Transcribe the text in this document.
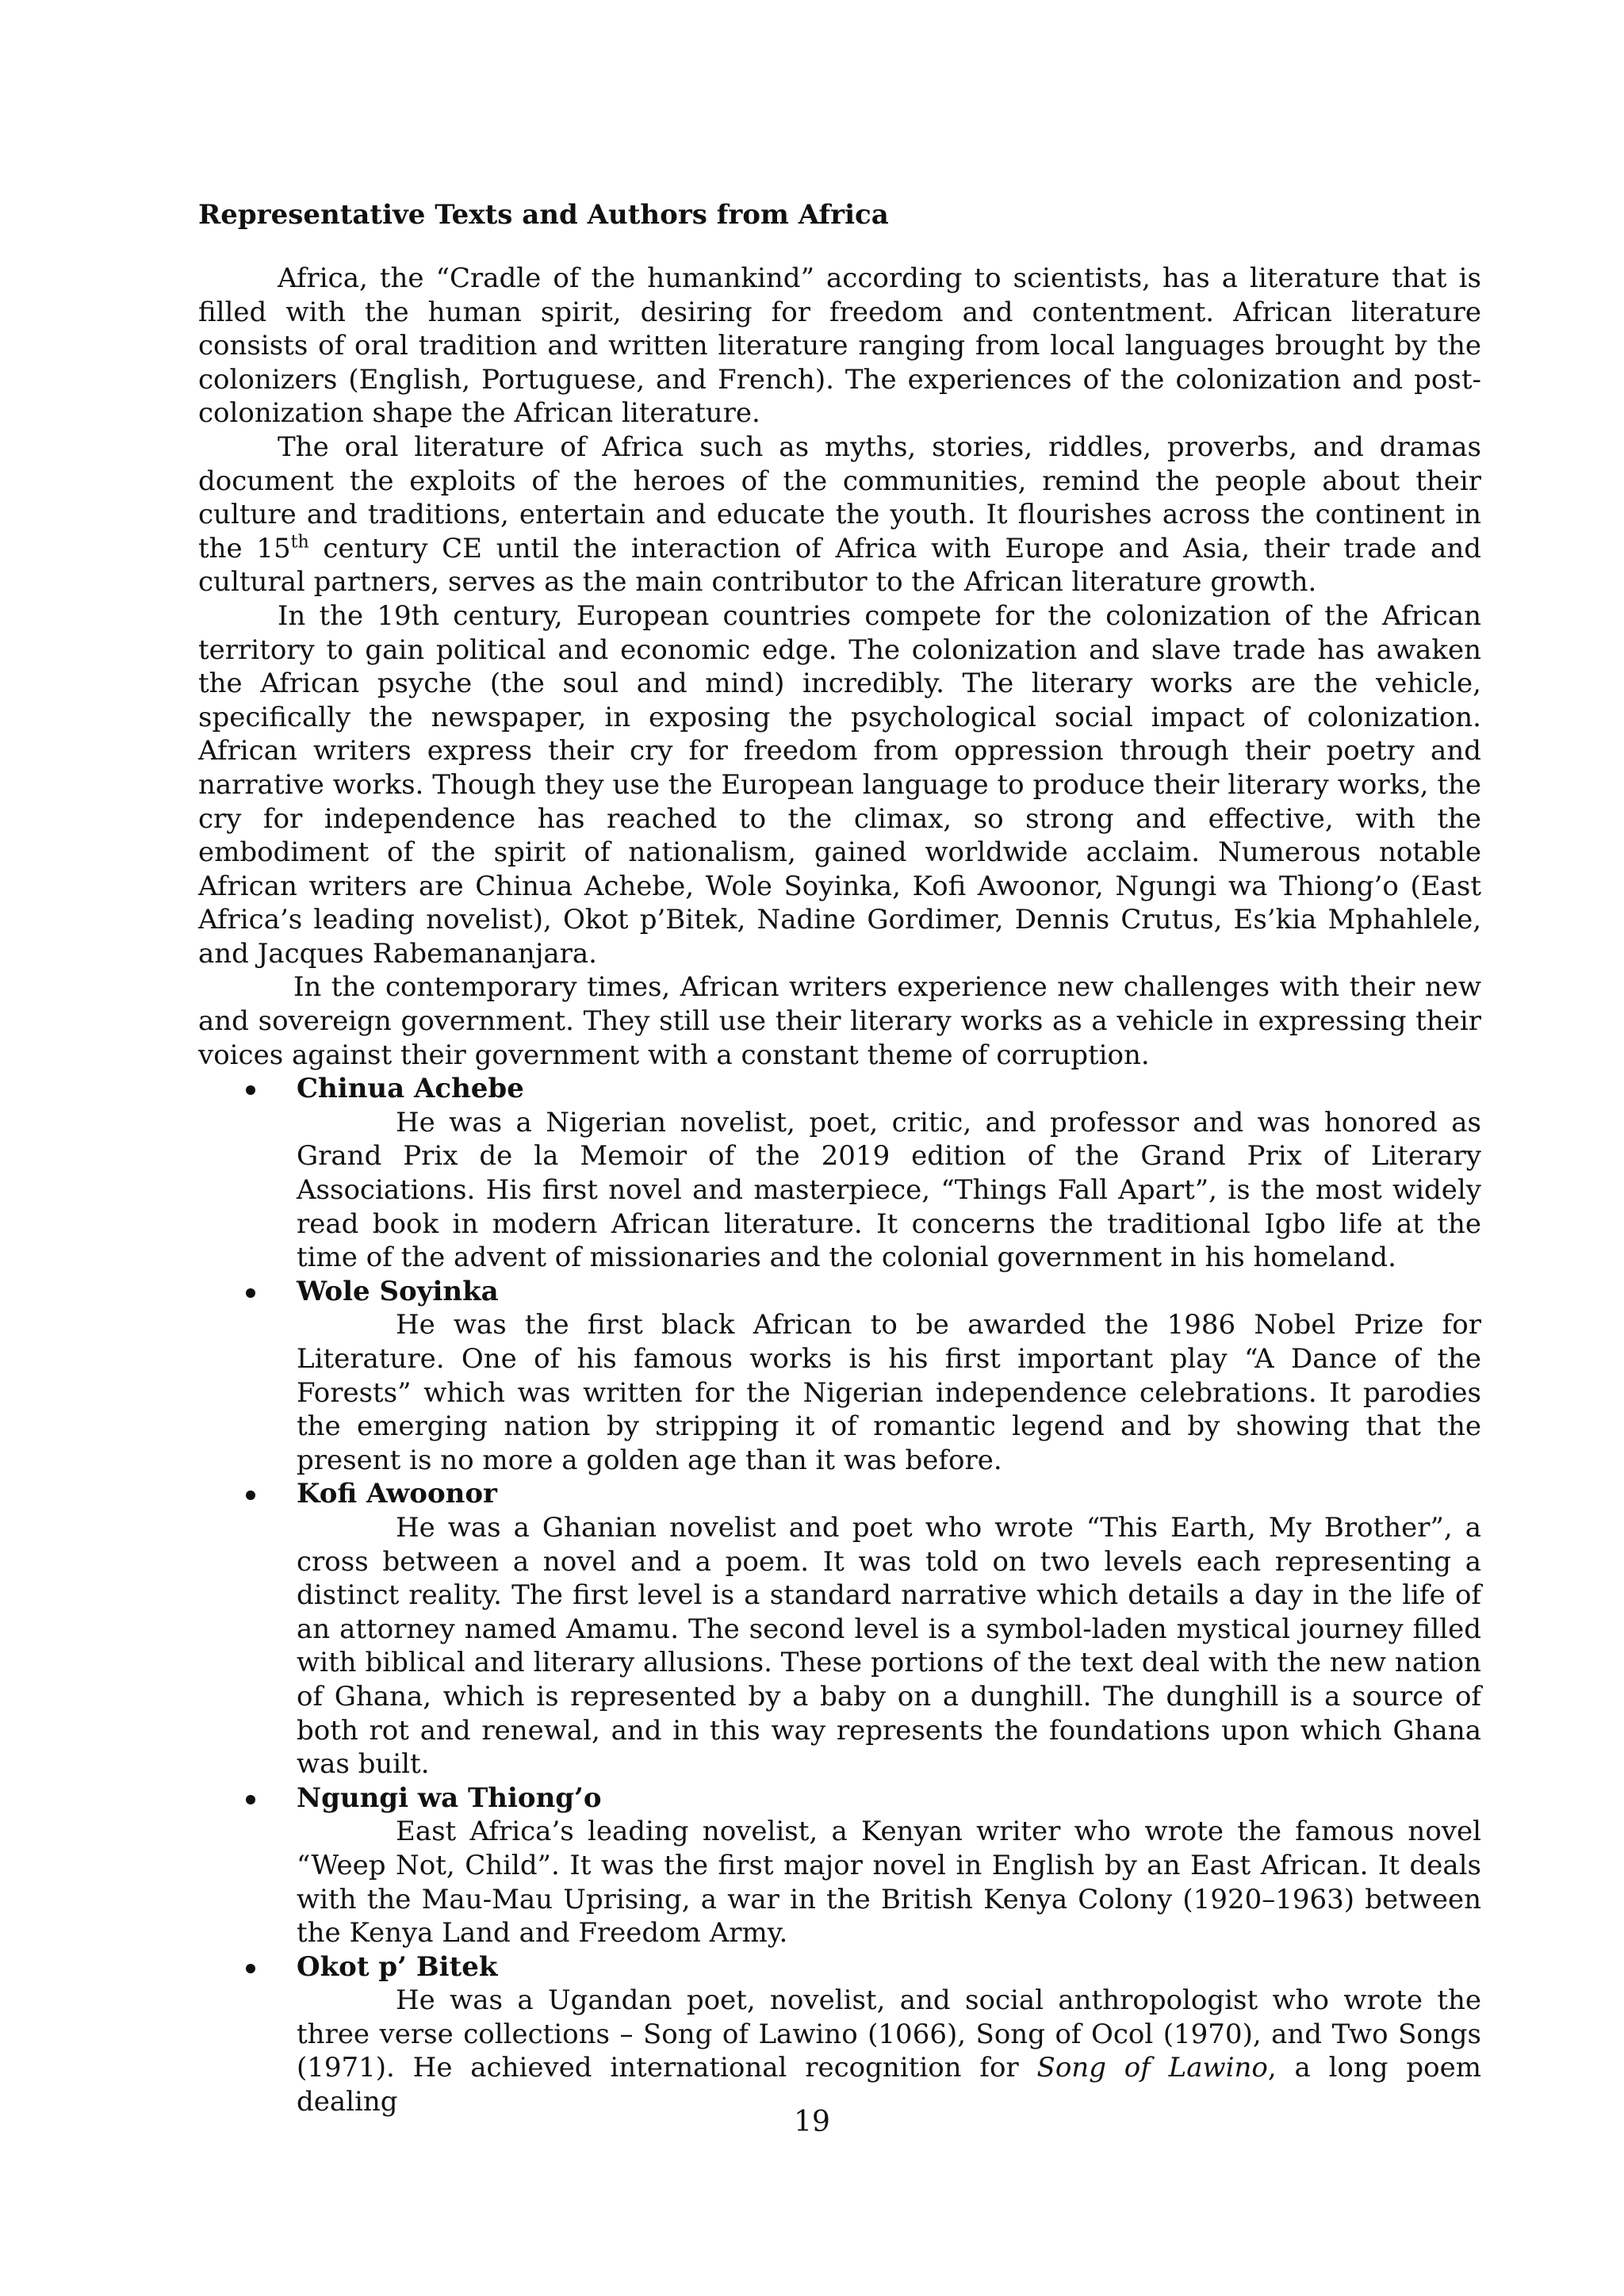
Representative Texts and Authors from Africa

Africa, the “Cradle of the humankind” according to scientists, has a literature that is filled with the human spirit, desiring for freedom and contentment. African literature consists of oral tradition and written literature ranging from local languages brought by the colonizers (English, Portuguese, and French). The experiences of the colonization and post-colonization shape the African literature.

The oral literature of Africa such as myths, stories, riddles, proverbs, and dramas document the exploits of the heroes of the communities, remind the people about their culture and traditions, entertain and educate the youth. It flourishes across the continent in the 15th century CE until the interaction of Africa with Europe and Asia, their trade and cultural partners, serves as the main contributor to the African literature growth.

In the 19th century, European countries compete for the colonization of the African territory to gain political and economic edge. The colonization and slave trade has awaken the African psyche (the soul and mind) incredibly. The literary works are the vehicle, specifically the newspaper, in exposing the psychological social impact of colonization. African writers express their cry for freedom from oppression through their poetry and narrative works. Though they use the European language to produce their literary works, the cry for independence has reached to the climax, so strong and effective, with the embodiment of the spirit of nationalism, gained worldwide acclaim. Numerous notable African writers are Chinua Achebe, Wole Soyinka, Kofi Awoonor, Ngungi wa Thiong’o (East Africa’s leading novelist), Okot p’Bitek, Nadine Gordimer, Dennis Crutus, Es’kia Mphahlele, and Jacques Rabemananjara.

In the contemporary times, African writers experience new challenges with their new and sovereign government. They still use their literary works as a vehicle in expressing their voices against their government with a constant theme of corruption.

Chinua Achebe

He was a Nigerian novelist, poet, critic, and professor and was honored as Grand Prix de la Memoir of the 2019 edition of the Grand Prix of Literary Associations. His first novel and masterpiece, “Things Fall Apart”, is the most widely read book in modern African literature. It concerns the traditional Igbo life at the time of the advent of missionaries and the colonial government in his homeland.

Wole Soyinka

He was the first black African to be awarded the 1986 Nobel Prize for Literature. One of his famous works is his first important play “A Dance of the Forests” which was written for the Nigerian independence celebrations. It parodies the emerging nation by stripping it of romantic legend and by showing that the present is no more a golden age than it was before.

Kofi Awoonor

He was a Ghanian novelist and poet who wrote “This Earth, My Brother”, a cross between a novel and a poem. It was told on two levels each representing a distinct reality. The first level is a standard narrative which details a day in the life of an attorney named Amamu. The second level is a symbol-laden mystical journey filled with biblical and literary allusions. These portions of the text deal with the new nation of Ghana, which is represented by a baby on a dunghill. The dunghill is a source of both rot and renewal, and in this way represents the foundations upon which Ghana was built.

Ngungi wa Thiong’o

East Africa’s leading novelist, a Kenyan writer who wrote the famous novel “Weep Not, Child”. It was the first major novel in English by an East African. It deals with the Mau-Mau Uprising, a war in the British Kenya Colony (1920–1963) between the Kenya Land and Freedom Army.

Okot p’ Bitek

He was a Ugandan poet, novelist, and social anthropologist who wrote the three verse collections – Song of Lawino (1066), Song of Ocol (1970), and Two Songs (1971). He achieved international recognition for Song of Lawino, a long poem dealing

19
